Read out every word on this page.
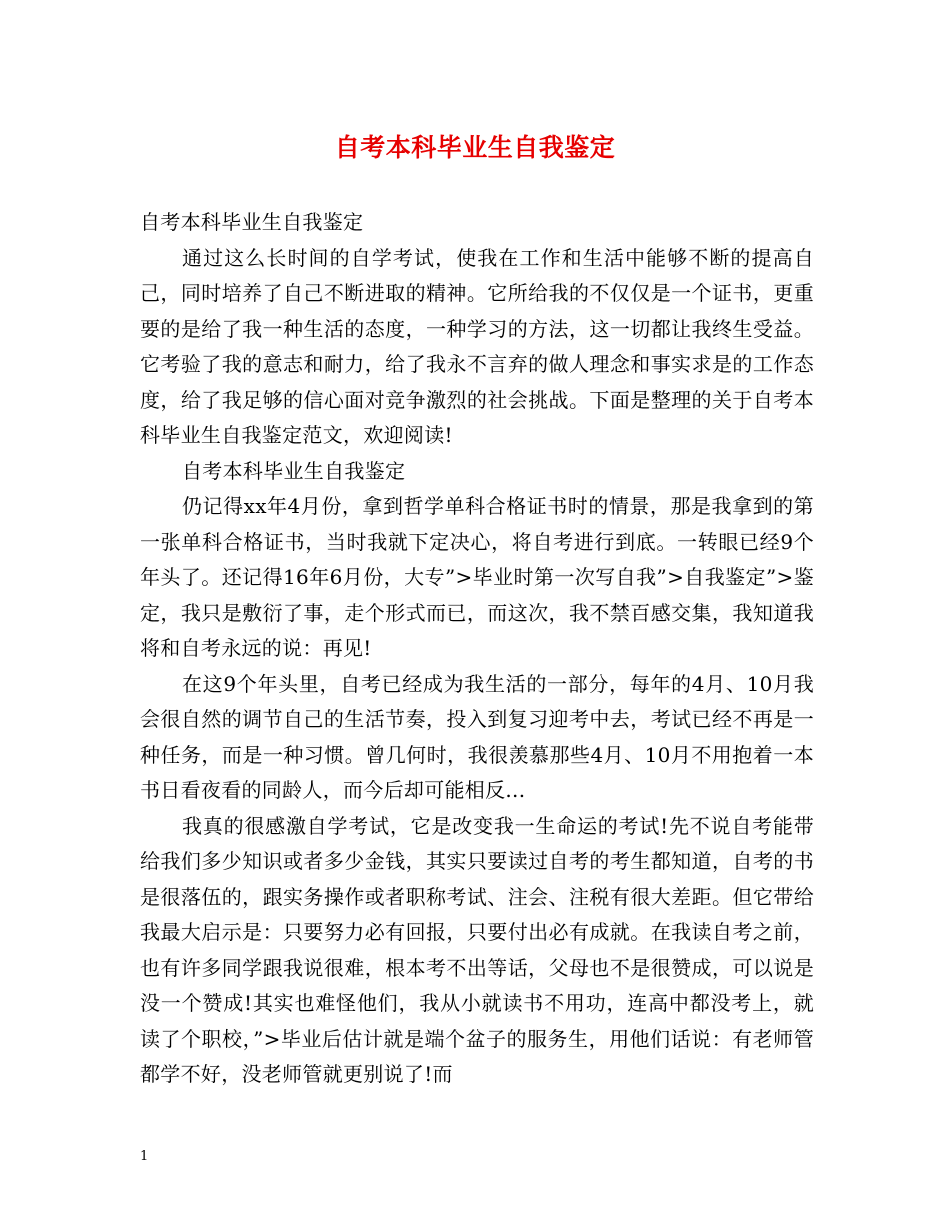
自考本科毕业生自我鉴定

自考本科毕业生自我鉴定

通过这么长时间的自学考试，使我在工作和生活中能够不断的提高自己，同时培养了自己不断进取的精神。它所给我的不仅仅是一个证书，更重要的是给了我一种生活的态度，一种学习的方法，这一切都让我终生受益。它考验了我的意志和耐力，给了我永不言弃的做人理念和事实求是的工作态度，给了我足够的信心面对竞争激烈的社会挑战。下面是整理的关于自考本科毕业生自我鉴定范文，欢迎阅读!

自考本科毕业生自我鉴定

仍记得xx年4月份，拿到哲学单科合格证书时的情景，那是我拿到的第一张单科合格证书，当时我就下定决心，将自考进行到底。一转眼已经9个年头了。还记得16年6月份，大专”>毕业时第一次写自我”>自我鉴定”>鉴定，我只是敷衍了事，走个形式而已，而这次，我不禁百感交集，我知道我将和自考永远的说：再见!

在这9个年头里，自考已经成为我生活的一部分，每年的4月、10月我会很自然的调节自己的生活节奏，投入到复习迎考中去，考试已经不再是一种任务，而是一种习惯。曾几何时，我很羡慕那些4月、10月不用抱着一本书日看夜看的同龄人，而今后却可能相反...

我真的很感激自学考试，它是改变我一生命运的考试!先不说自考能带给我们多少知识或者多少金钱，其实只要读过自考的考生都知道，自考的书是很落伍的，跟实务操作或者职称考试、注会、注税有很大差距。但它带给我最大启示是：只要努力必有回报，只要付出必有成就。在我读自考之前，也有许多同学跟我说很难，根本考不出等话，父母也不是很赞成，可以说是没一个赞成!其实也难怪他们，我从小就读书不用功，连高中都没考上，就读了个职校，”>毕业后估计就是端个盆子的服务生，用他们话说：有老师管都学不好，没老师管就更别说了!而

1
